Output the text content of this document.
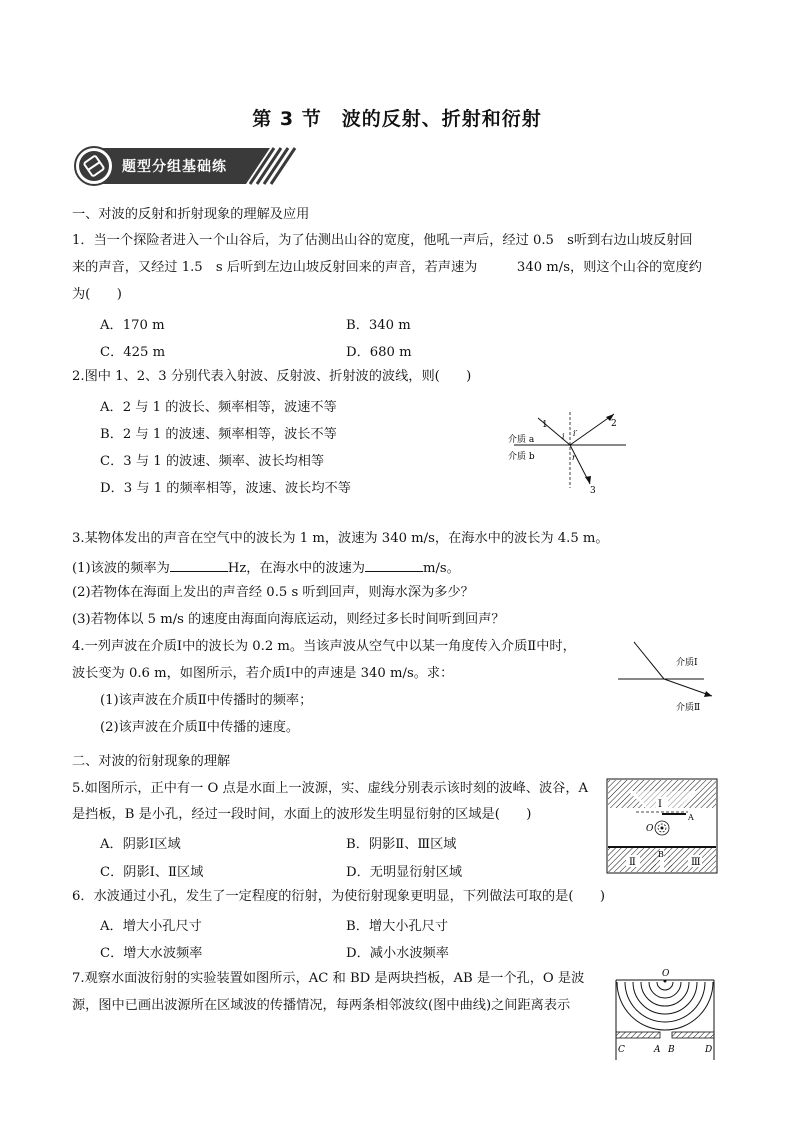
第 3 节　波的反射、折射和衍射
题型分组基础练
一、对波的反射和折射现象的理解及应用
1．当一个探险者进入一个山谷后，为了估测出山谷的宽度，他吼一声后，经过 0.5　s听到右边山坡反射回
来的声音，又经过 1.5　s 后听到左边山坡反射回来的声音，若声速为　　　340 m/s，则这个山谷的宽度约
为(　　)
A．170 m	B．340 m
C．425 m	D．680 m
2.图中 1、2、3 分别代表入射波、反射波、折射波的波线，则(　　)
A．2 与 1 的波长、频率相等，波速不等
B．2 与 1 的波速、频率相等，波长不等
C．3 与 1 的波速、频率、波长均相等
D．3 与 1 的频率相等，波速、波长均不等
介质 a
介质 b
1	2
3
i i′
r
3.某物体发出的声音在空气中的波长为 1 m，波速为 340 m/s，在海水中的波长为 4.5 m。
(1)该波的频率为	Hz，在海水中的波速为	m/s。
(2)若物体在海面上发出的声音经 0.5 s 听到回声，则海水深为多少？
(3)若物体以 5 m/s 的速度由海面向海底运动，则经过多长时间听到回声？
4.一列声波在介质Ⅰ中的波长为 0.2 m。当该声波从空气中以某一角度传入介质Ⅱ中时，
波长变为 0.6 m，如图所示，若介质Ⅰ中的声速是 340 m/s。求：
(1)该声波在介质Ⅱ中传播时的频率；
(2)该声波在介质Ⅱ中传播的速度。
介质Ⅰ
介质Ⅱ
二、对波的衍射现象的理解
5.如图所示，正中有一 O 点是水面上一波源，实、虚线分别表示该时刻的波峰、波谷，A
是挡板，B 是小孔，经过一段时间，水面上的波形发生明显衍射的区域是(　　)
A．阴影Ⅰ区域	B．阴影Ⅱ、Ⅲ区域
C．阴影Ⅰ、Ⅱ区域	D．无明显衍射区域
Ⅰ
Ⅱ	Ⅲ
A
B
O
6．水波通过小孔，发生了一定程度的衍射，为使衍射现象更明显，下列做法可取的是(　　)
A．增大小孔尺寸	B．增大小孔尺寸
C．增大水波频率	D．减小水波频率
7.观察水面波衍射的实验装置如图所示，AC 和 BD 是两块挡板，AB 是一个孔，O 是波
源，图中已画出波源所在区域波的传播情况，每两条相邻波纹(图中曲线)之间距离表示
O
C	A B	D
